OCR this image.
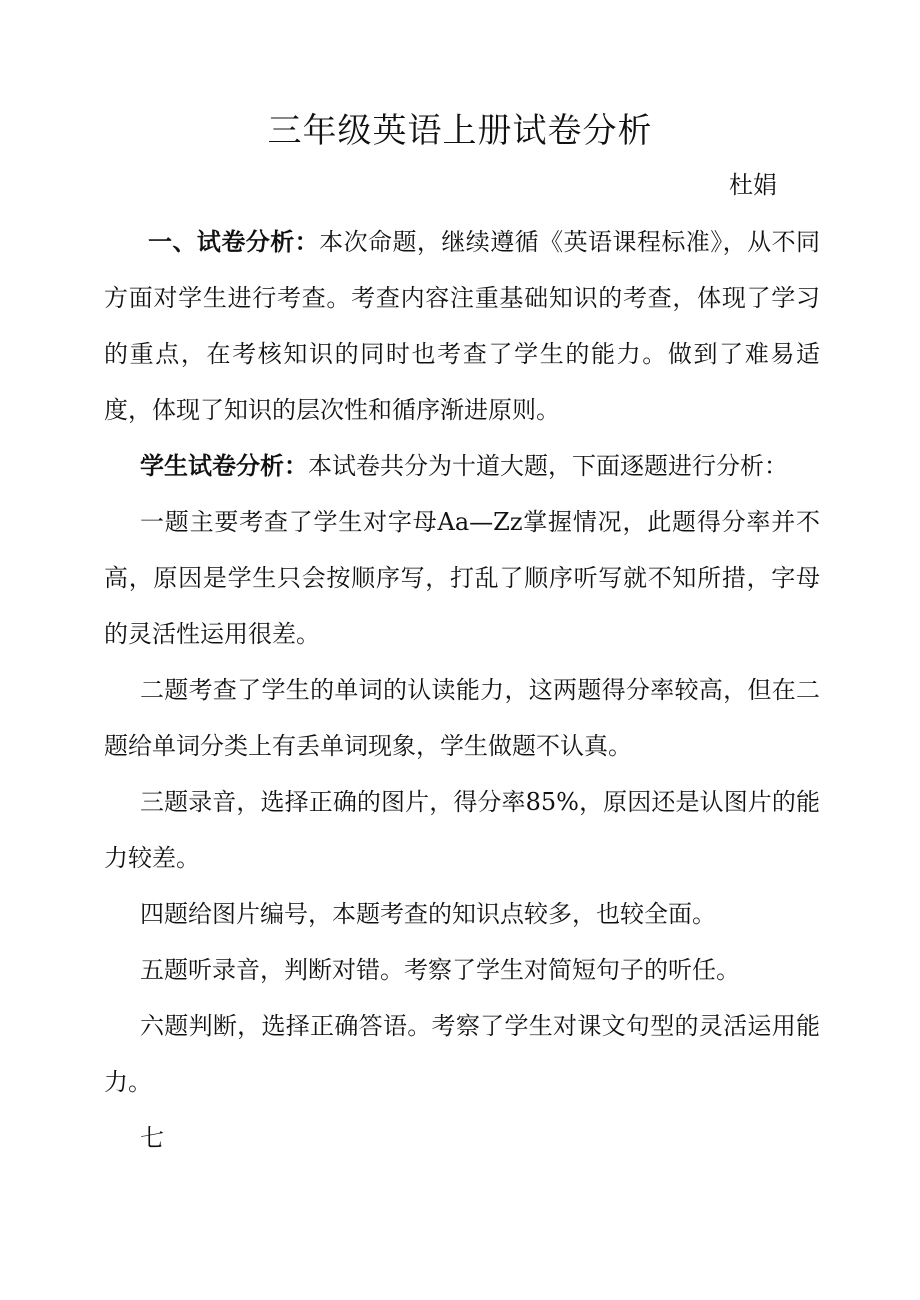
三年级英语上册试卷分析
杜娟

一、试卷分析：本次命题，继续遵循《英语课程标准》，从不同方面对学生进行考查。考查内容注重基础知识的考查，体现了学习的重点，在考核知识的同时也考查了学生的能力。做到了难易适度，体现了知识的层次性和循序渐进原则。

学生试卷分析：本试卷共分为十道大题，下面逐题进行分析：

一题主要考查了学生对字母Aa—Zz掌握情况，此题得分率并不高，原因是学生只会按顺序写，打乱了顺序听写就不知所措，字母的灵活性运用很差。

二题考查了学生的单词的认读能力，这两题得分率较高，但在二题给单词分类上有丢单词现象，学生做题不认真。

三题录音，选择正确的图片，得分率85%，原因还是认图片的能力较差。

四题给图片编号，本题考查的知识点较多，也较全面。

五题听录音，判断对错。考察了学生对简短句子的听任。

六题判断，选择正确答语。考察了学生对课文句型的灵活运用能力。

七
